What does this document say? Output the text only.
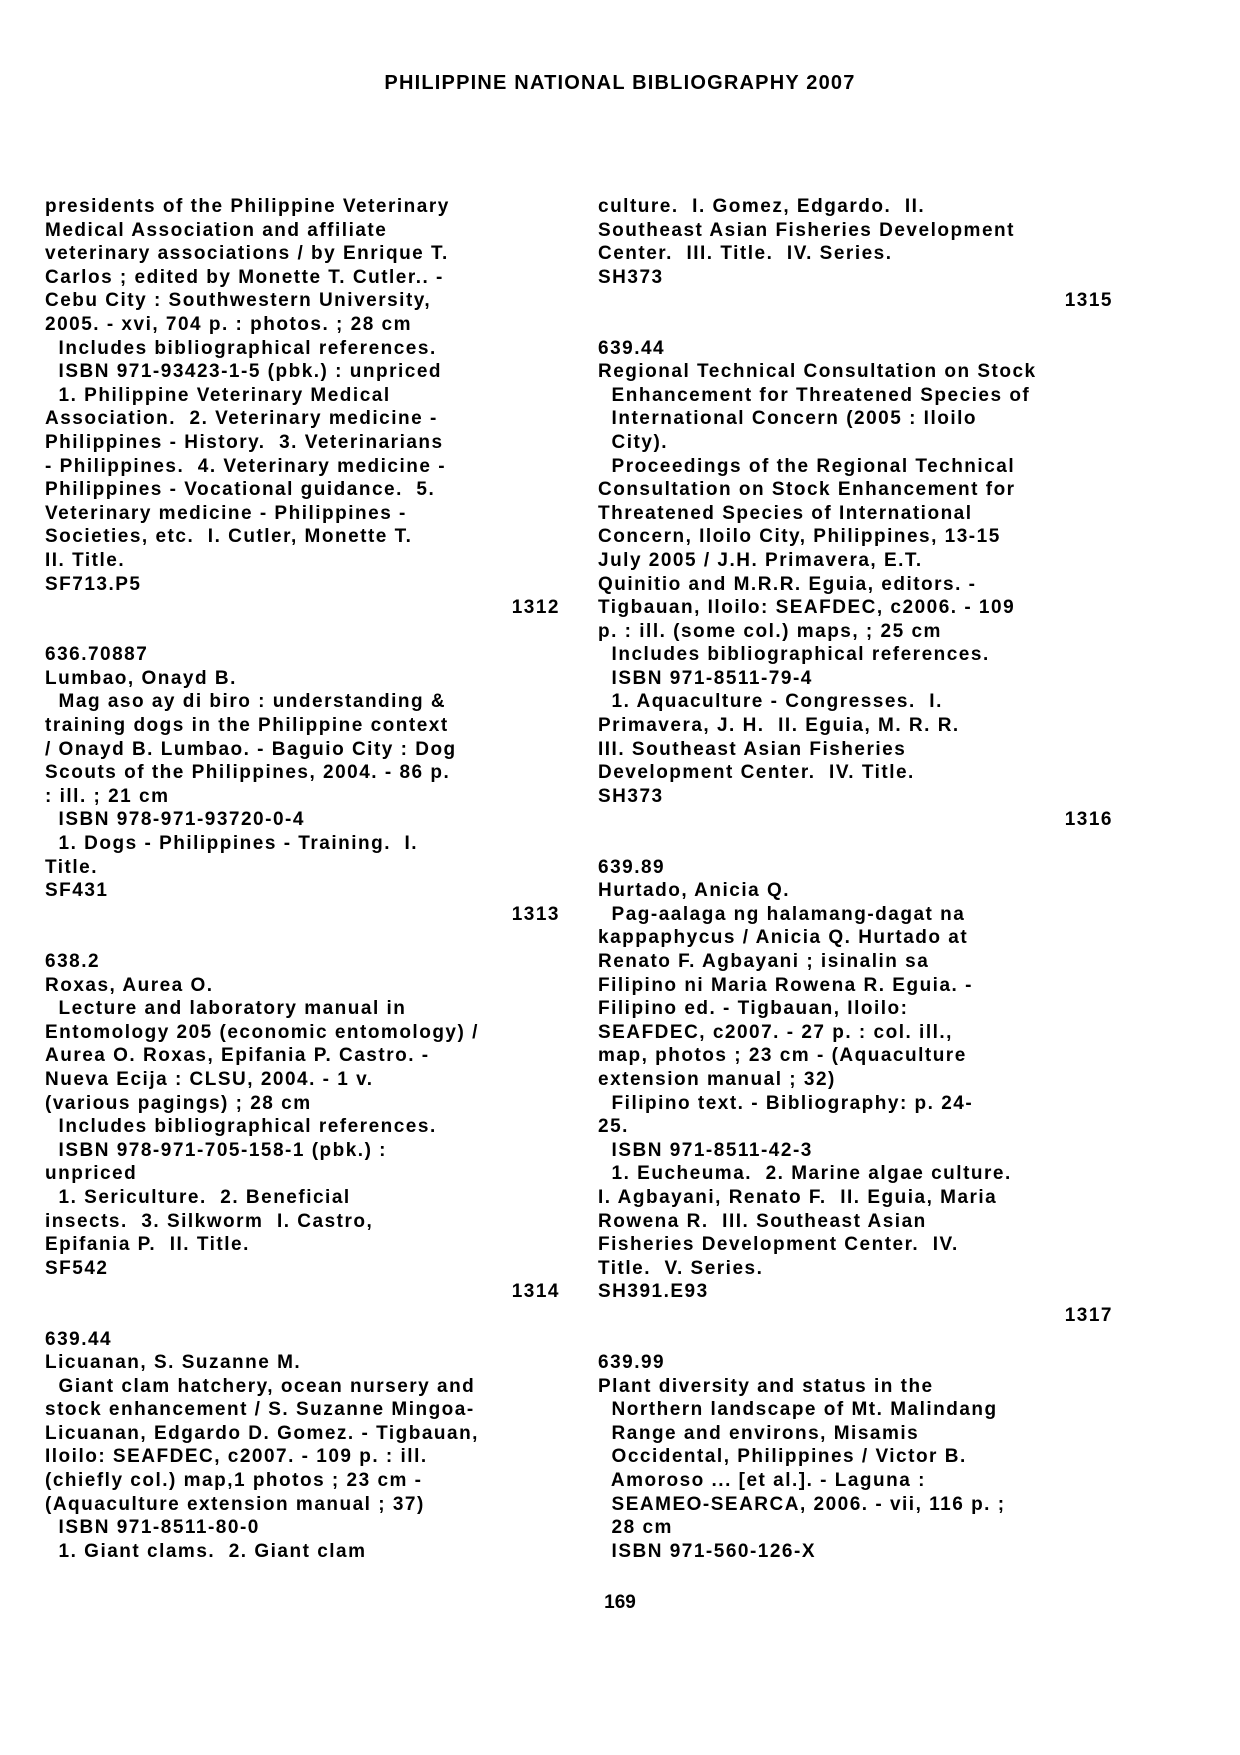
PHILIPPINE NATIONAL BIBLIOGRAPHY 2007
presidents of the Philippine Veterinary
Medical Association and affiliate
veterinary associations / by Enrique T.
Carlos ; edited by Monette T. Cutler.. -
Cebu City : Southwestern University,
2005. - xvi, 704 p. : photos. ; 28 cm
Includes bibliographical references.
ISBN 971-93423-1-5 (pbk.) : unpriced
1. Philippine Veterinary Medical
Association.  2. Veterinary medicine -
Philippines - History.  3. Veterinarians
- Philippines.  4. Veterinary medicine -
Philippines - Vocational guidance.  5.
Veterinary medicine - Philippines -
Societies, etc.  I. Cutler, Monette T.
II. Title.
SF713.P5
1312
636.70887
Lumbao, Onayd B.
Mag aso ay di biro : understanding &
training dogs in the Philippine context
/ Onayd B. Lumbao. - Baguio City : Dog
Scouts of the Philippines, 2004. - 86 p.
: ill. ; 21 cm
ISBN 978-971-93720-0-4
1. Dogs - Philippines - Training.  I.
Title.
SF431
1313
638.2
Roxas, Aurea O.
Lecture and laboratory manual in
Entomology 205 (economic entomology) /
Aurea O. Roxas, Epifania P. Castro. -
Nueva Ecija : CLSU, 2004. - 1 v.
(various pagings) ; 28 cm
Includes bibliographical references.
ISBN 978-971-705-158-1 (pbk.) :
unpriced
1. Sericulture.  2. Beneficial
insects.  3. Silkworm  I. Castro,
Epifania P.  II. Title.
SF542
1314
639.44
Licuanan, S. Suzanne M.
Giant clam hatchery, ocean nursery and
stock enhancement / S. Suzanne Mingoa-
Licuanan, Edgardo D. Gomez. - Tigbauan,
Iloilo: SEAFDEC, c2007. - 109 p. : ill.
(chiefly col.) map,1 photos ; 23 cm -
(Aquaculture extension manual ; 37)
ISBN 971-8511-80-0
1. Giant clams.  2. Giant clam
culture.  I. Gomez, Edgardo.  II.
Southeast Asian Fisheries Development
Center.  III. Title.  IV. Series.
SH373
1315
639.44
Regional Technical Consultation on Stock
Enhancement for Threatened Species of
International Concern (2005 : Iloilo
City).
Proceedings of the Regional Technical
Consultation on Stock Enhancement for
Threatened Species of International
Concern, Iloilo City, Philippines, 13-15
July 2005 / J.H. Primavera, E.T.
Quinitio and M.R.R. Eguia, editors. -
Tigbauan, Iloilo: SEAFDEC, c2006. - 109
p. : ill. (some col.) maps, ; 25 cm
Includes bibliographical references.
ISBN 971-8511-79-4
1. Aquaculture - Congresses.  I.
Primavera, J. H.  II. Eguia, M. R. R.
III. Southeast Asian Fisheries
Development Center.  IV. Title.
SH373
1316
639.89
Hurtado, Anicia Q.
Pag-aalaga ng halamang-dagat na
kappaphycus / Anicia Q. Hurtado at
Renato F. Agbayani ; isinalin sa
Filipino ni Maria Rowena R. Eguia. -
Filipino ed. - Tigbauan, Iloilo:
SEAFDEC, c2007. - 27 p. : col. ill.,
map, photos ; 23 cm - (Aquaculture
extension manual ; 32)
Filipino text. - Bibliography: p. 24-
25.
ISBN 971-8511-42-3
1. Eucheuma.  2. Marine algae culture.
I. Agbayani, Renato F.  II. Eguia, Maria
Rowena R.  III. Southeast Asian
Fisheries Development Center.  IV.
Title.  V. Series.
SH391.E93
1317
639.99
Plant diversity and status in the
Northern landscape of Mt. Malindang
Range and environs, Misamis
Occidental, Philippines / Victor B.
Amoroso ... [et al.]. - Laguna :
SEAMEO-SEARCA, 2006. - vii, 116 p. ;
28 cm
ISBN 971-560-126-X
169
